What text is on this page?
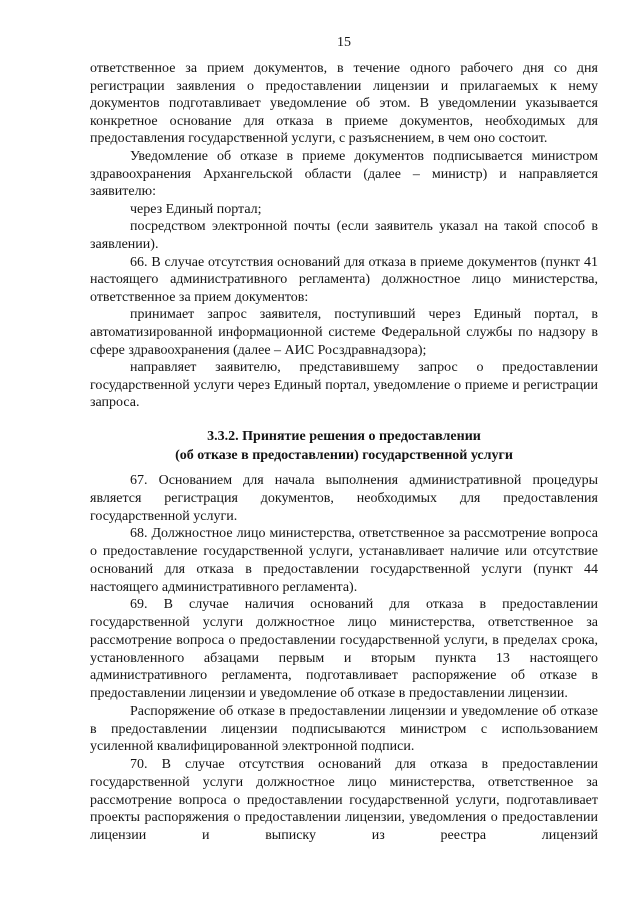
15

ответственное за прием документов, в течение одного рабочего дня со дня регистрации заявления о предоставлении лицензии и прилагаемых к нему документов подготавливает уведомление об этом. В уведомлении указывается конкретное основание для отказа в приеме документов, необходимых для предоставления государственной услуги, с разъяснением, в чем оно состоит.

Уведомление об отказе в приеме документов подписывается министром здравоохранения Архангельской области (далее – министр) и направляется заявителю:

через Единый портал;

посредством электронной почты (если заявитель указал на такой способ в заявлении).

66. В случае отсутствия оснований для отказа в приеме документов (пункт 41 настоящего административного регламента) должностное лицо министерства, ответственное за прием документов:

принимает запрос заявителя, поступивший через Единый портал, в автоматизированной информационной системе Федеральной службы по надзору в сфере здравоохранения (далее – АИС Росздравнадзора);

направляет заявителю, представившему запрос о предоставлении государственной услуги через Единый портал, уведомление о приеме и регистрации запроса.

3.3.2. Принятие решения о предоставлении
(об отказе в предоставлении) государственной услуги

67. Основанием для начала выполнения административной процедуры является регистрация документов, необходимых для предоставления государственной услуги.

68. Должностное лицо министерства, ответственное за рассмотрение вопроса о предоставление государственной услуги, устанавливает наличие или отсутствие оснований для отказа в предоставлении государственной услуги (пункт 44 настоящего административного регламента).

69. В случае наличия оснований для отказа в предоставлении государственной услуги должностное лицо министерства, ответственное за рассмотрение вопроса о предоставлении государственной услуги, в пределах срока, установленного абзацами первым и вторым пункта 13 настоящего административного регламента, подготавливает распоряжение об отказе в предоставлении лицензии и уведомление об отказе в предоставлении лицензии.

Распоряжение об отказе в предоставлении лицензии и уведомление об отказе в предоставлении лицензии подписываются министром с использованием усиленной квалифицированной электронной подписи.

70. В случае отсутствия оснований для отказа в предоставлении государственной услуги должностное лицо министерства, ответственное за рассмотрение вопроса о предоставлении государственной услуги, подготавливает проекты распоряжения о предоставлении лицензии, уведомления о предоставлении лицензии и выписку из реестра лицензий
